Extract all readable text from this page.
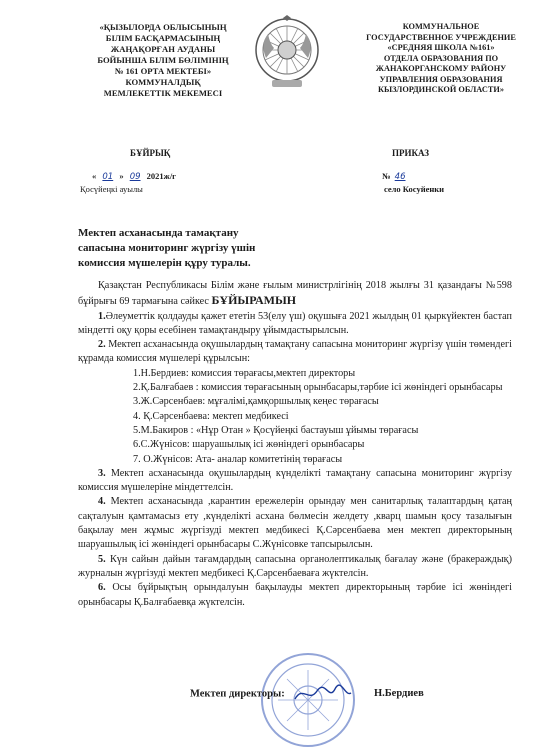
«ҚЫЗЫЛОРДА ОБЛЫСЫНЫҢ
БІЛІМ БАСҚАРМАСЫНЫҢ
ЖАҢАҚОРҒАН АУДАНЫ
БОЙЫНША БІЛІМ БӨЛІМІНІҢ
№ 161 ОРТА МЕКТЕБІ»
КОММУНАЛДЫҚ
МЕМЛЕКЕТТІК МЕКЕМЕСІ
КОММУНАЛЬНОЕ
ГОСУДАРСТВЕННОЕ УЧРЕЖДЕНИЕ
«СРЕДНЯЯ ШКОЛА №161»
ОТДЕЛА ОБРАЗОВАНИЯ ПО
ЖАНАКОРГАНСКОМУ РАЙОНУ
УПРАВЛЕНИЯ ОБРАЗОВАНИЯ
КЫЗЛОРДИНСКОЙ ОБЛАСТИ»
БҰЙРЫҚ	ПРИКАЗ
« 01 » 09 2021ж/г	№ 46
Қосүйеңкі ауылы	село Косуйенки
Мектеп асханасында тамақтану
сапасына мониторинг жүргізу үшін
комиссия мүшелерін құру туралы.

Қазақстан Республикасы Білім және ғылым министрлігінің 2018 жылғы 31 қазандағы №598 бұйрығы 69 тармағына сәйкес БҰЙЫРАМЫН

1.Әлеуметтік қолдауды қажет ететін 53(елу үш) оқушыға 2021 жылдың 01 қыркүйектен бастап міндетті оқу қоры есебінен тамақтандыру ұйымдастырылсын.

2. Мектеп асханасында оқушылардың тамақтану сапасына мониторинг жүргізу үшін төмендегі құрамда комиссия мүшелері құрылсын:

1.Н.Бердиев: комиссия төрағасы,мектеп директоры

2.Қ.Балғабаев : комиссия төрағасының орынбасары,тәрбие ісі жөніндегі орынбасары

3.Ж.Сәрсенбаев: мұғалімі,қамқоршылық кеңес төрағасы

4. Қ.Сәрсенбаева: мектеп медбикесі

5.М.Бакиров : «Нұр Отан » Қосүйеңкі бастауыш ұйымы төрағасы

6.С.Жүнісов: шаруашылық ісі жөніндегі орынбасары

7. О.Жүнісов: Ата- аналар комитетінің төрағасы

3. Мектеп асханасында оқушылардың күнделікті тамақтану сапасына мониторинг жүргізу комиссия мүшелеріне міндеттелсін.

4. Мектеп асханасында ,карантин ережелерін орындау мен санитарлық талаптардың қатаң сақталуын қамтамасыз ету ,күнделікті асхана бөлмесін желдету ,кварц шамын қосу тазалығын бақылау мен жұмыс жүргізуді мектеп медбикесі Қ.Сәрсенбаева мен мектеп директорының шаруашылық ісі жөніндегі орынбасары С.Жүнісовке тапсырылсын.

5. Күн сайын дайын тағамдардың сапасына органолептикалық бағалау және (бракераждық) журналын жүргізуді мектеп медбикесі Қ.Сәрсенбаеваға жүктелсін.

6. Осы бұйрықтың орындалуын бақылауды мектеп директорының тәрбие ісі жөніндегі орынбасары Қ.Балғабаевқа жүктелсін.

Мектеп директоры:	Н.Бердиев
